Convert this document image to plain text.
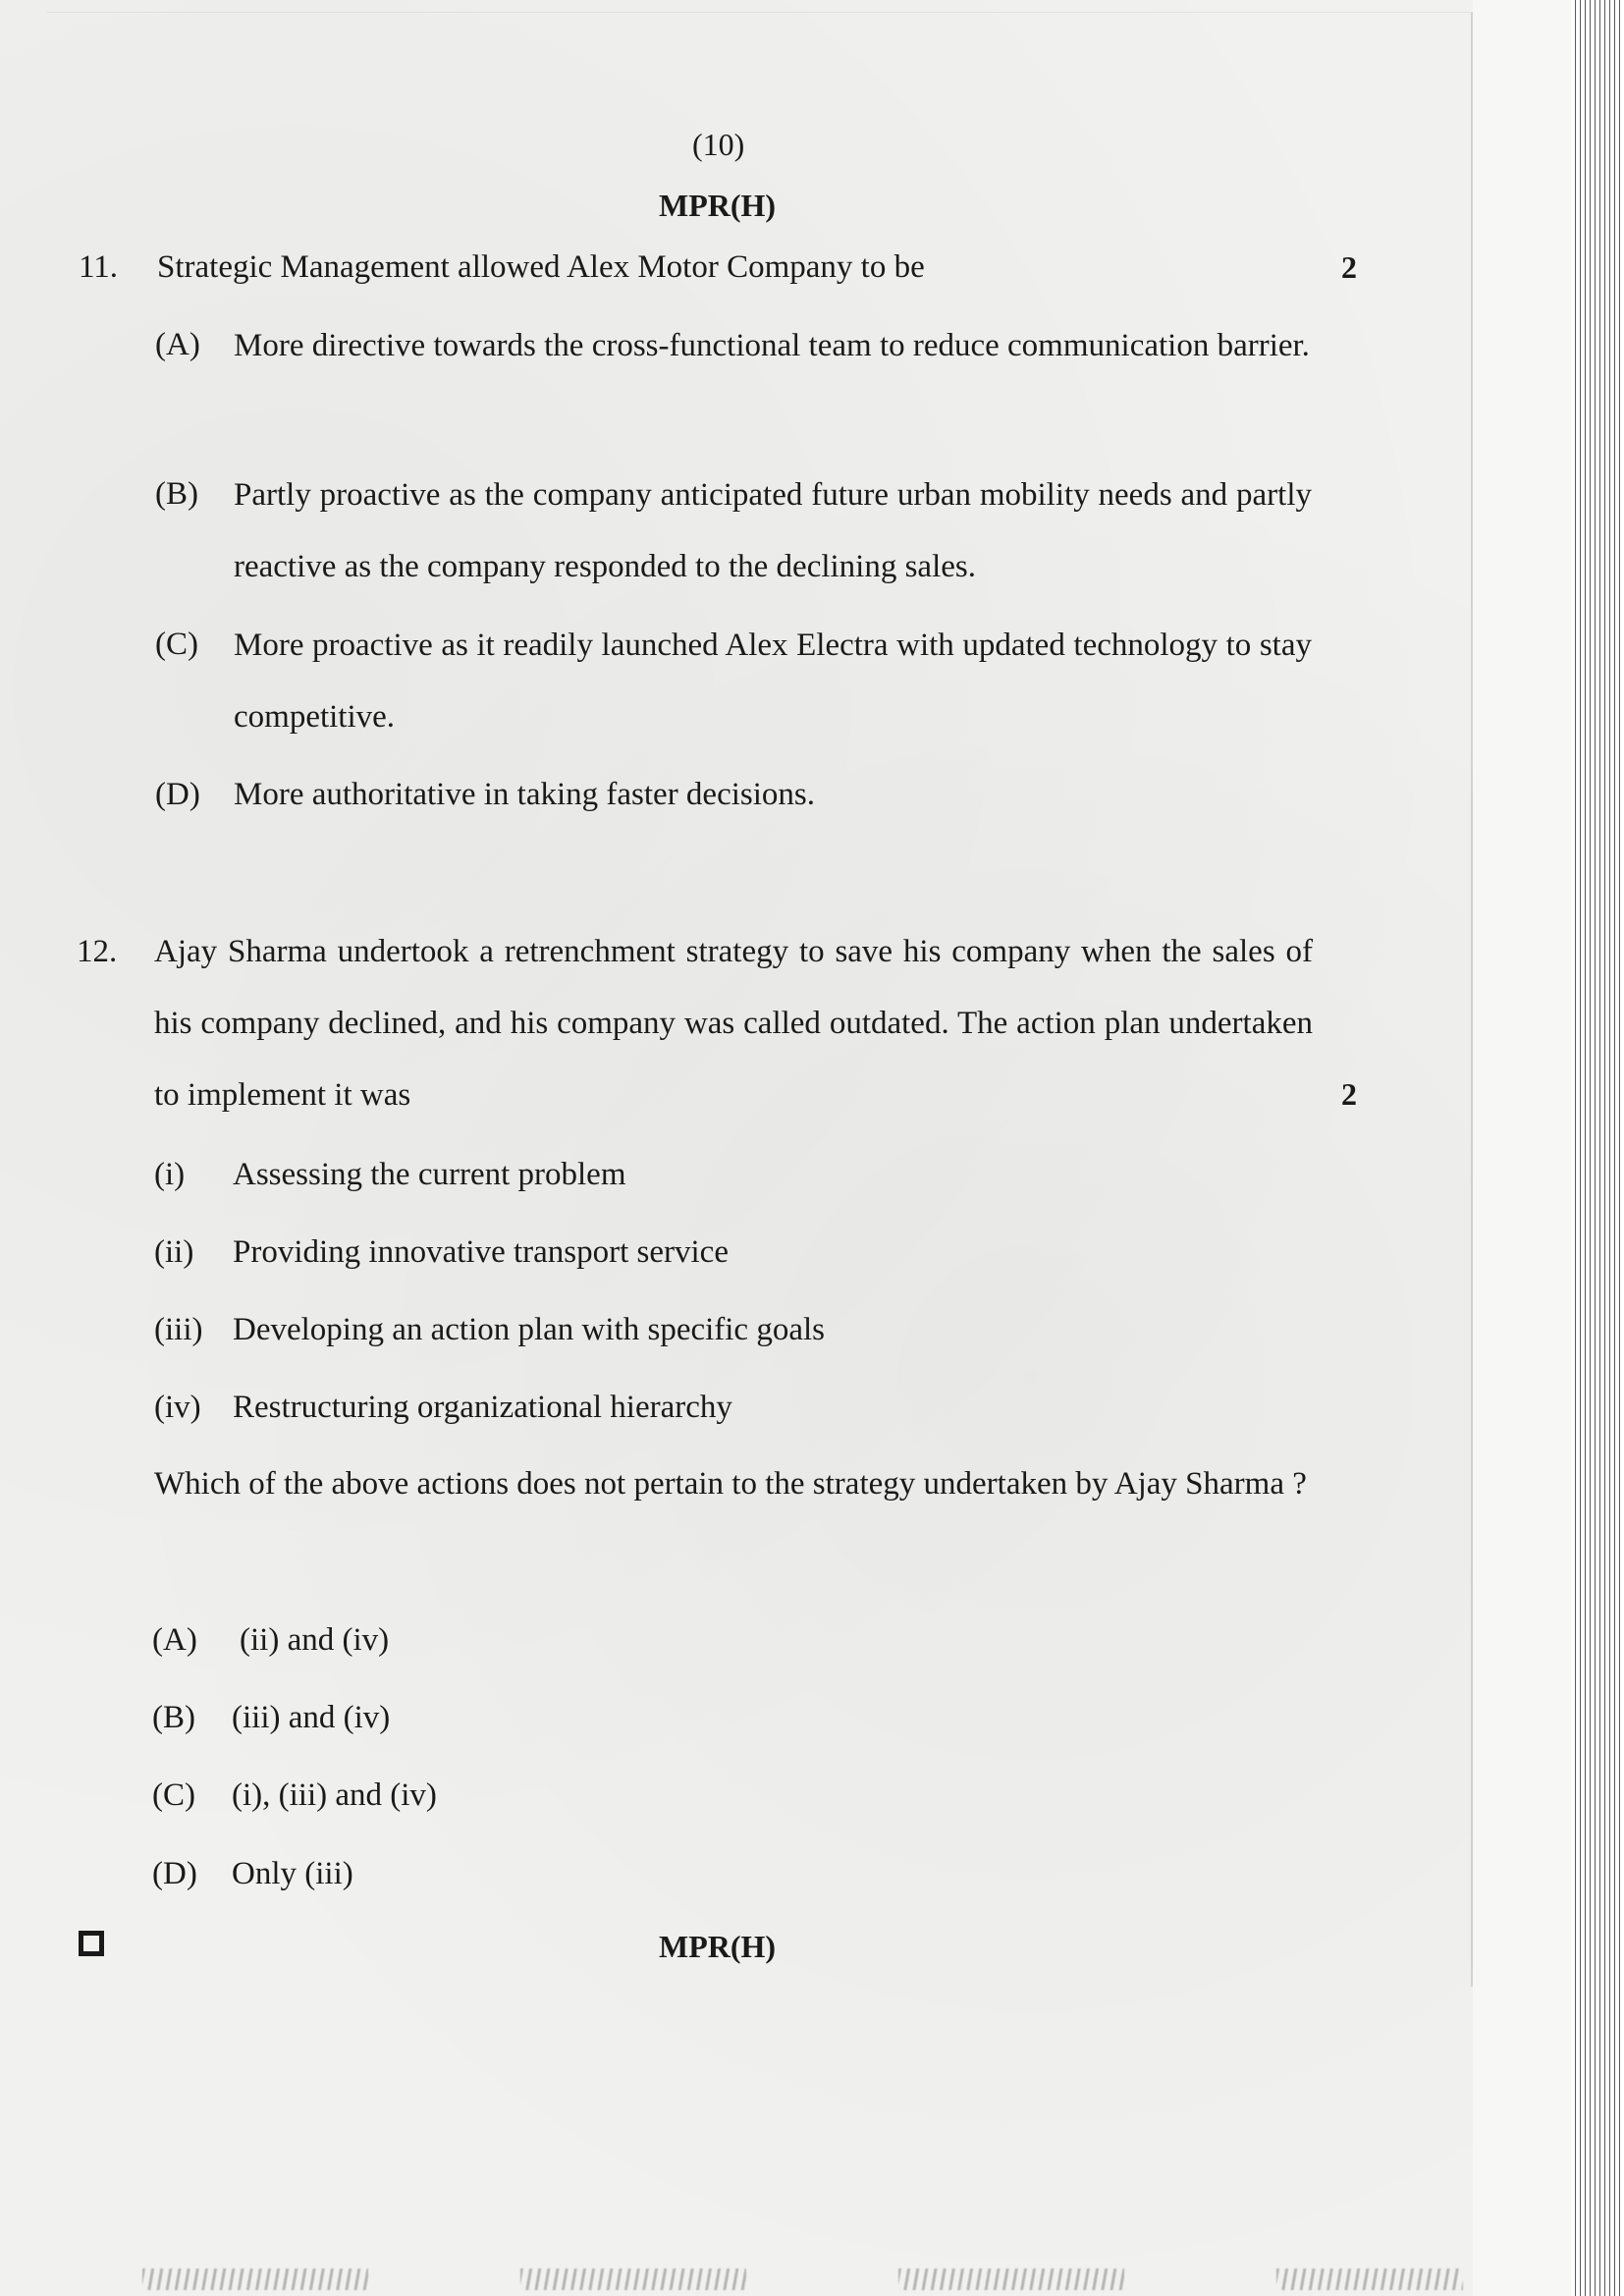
(10)
MPR(H)
11. Strategic Management allowed Alex Motor Company to be	2
(A) More directive towards the cross-functional team to reduce communication barrier.
(B) Partly proactive as the company anticipated future urban mobility needs and partly reactive as the company responded to the declining sales.
(C) More proactive as it readily launched Alex Electra with updated technology to stay competitive.
(D) More authoritative in taking faster decisions.
12. Ajay Sharma undertook a retrenchment strategy to save his company when the sales of his company declined, and his company was called outdated. The action plan undertaken to implement it was	2
(i) Assessing the current problem
(ii) Providing innovative transport service
(iii) Developing an action plan with specific goals
(iv) Restructuring organizational hierarchy
Which of the above actions does not pertain to the strategy undertaken by Ajay Sharma ?
(A) (ii) and (iv)
(B) (iii) and (iv)
(C) (i), (iii) and (iv)
(D) Only (iii)
MPR(H)
